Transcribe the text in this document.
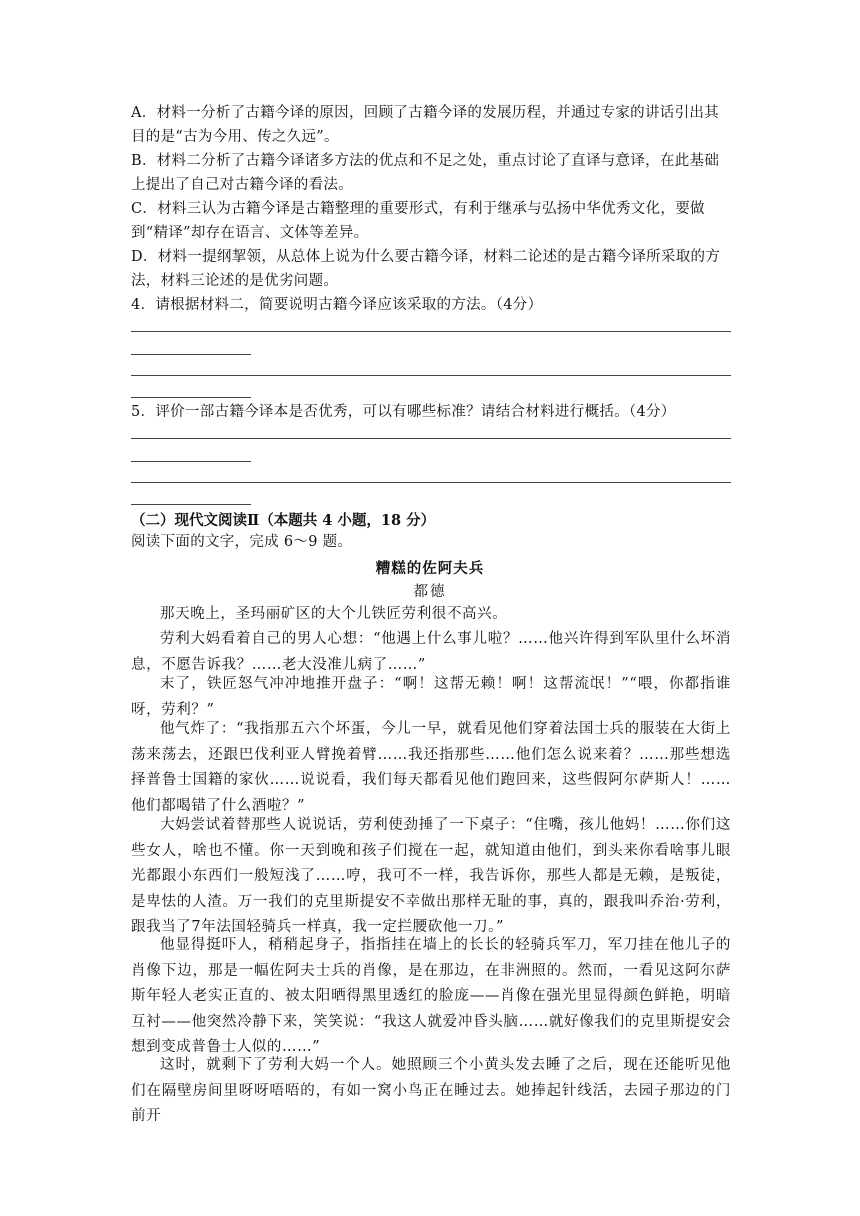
A．材料一分析了古籍今译的原因，回顾了古籍今译的发展历程，并通过专家的讲话引出其目的是“古为今用、传之久远”。

B．材料二分析了古籍今译诸多方法的优点和不足之处，重点讨论了直译与意译，在此基础上提出了自己对古籍今译的看法。

C．材料三认为古籍今译是古籍整理的重要形式，有利于继承与弘扬中华优秀文化，要做到“精译”却存在语言、文体等差异。

D．材料一提纲挈领，从总体上说为什么要古籍今译，材料二论述的是古籍今译所采取的方法，材料三论述的是优劣问题。

4．请根据材料二，简要说明古籍今译应该采取的方法。（4分）

5．评价一部古籍今译本是否优秀，可以有哪些标准？请结合材料进行概括。（4分）

（二）现代文阅读Ⅱ（本题共 4 小题，18 分）

阅读下面的文字，完成 6～9 题。

糟糕的佐阿夫兵
都德

那天晚上，圣玛丽矿区的大个儿铁匠劳利很不高兴。

劳利大妈看着自己的男人心想：“他遇上什么事儿啦？……他兴许得到军队里什么坏消息，不愿告诉我？……老大没准儿病了……”

末了，铁匠怒气冲冲地推开盘子：“啊！这帮无赖！啊！这帮流氓！”“喂，你都指谁呀，劳利？”

他气炸了：“我指那五六个坏蛋，今儿一早，就看见他们穿着法国士兵的服装在大街上荡来荡去，还跟巴伐利亚人臂挽着臂……我还指那些……他们怎么说来着？……那些想选择普鲁士国籍的家伙……说说看，我们每天都看见他们跑回来，这些假阿尔萨斯人！……他们都喝错了什么酒啦？”

大妈尝试着替那些人说说话，劳利使劲捶了一下桌子：“住嘴，孩儿他妈！……你们这些女人，啥也不懂。你一天到晚和孩子们搅在一起，就知道由他们，到头来你看啥事儿眼光都跟小东西们一般短浅了……哼，我可不一样，我告诉你，那些人都是无赖，是叛徒，是卑怯的人渣。万一我们的克里斯提安不幸做出那样无耻的事，真的，跟我叫乔治·劳利，跟我当了7年法国轻骑兵一样真，我一定拦腰砍他一刀。”

他显得挺吓人，稍稍起身子，指指挂在墙上的长长的轻骑兵军刀，军刀挂在他儿子的肖像下边，那是一幅佐阿夫士兵的肖像，是在那边，在非洲照的。然而，一看见这阿尔萨斯年轻人老实正直的、被太阳晒得黑里透红的脸庞——肖像在强光里显得颜色鲜艳，明暗互衬——他突然冷静下来，笑笑说：“我这人就爱冲昏头脑……就好像我们的克里斯提安会想到变成普鲁士人似的……”

这时，就剩下了劳利大妈一个人。她照顾三个小黄头发去睡了之后，现在还能听见他们在隔壁房间里呀呀唔唔的，有如一窝小鸟正在睡过去。她捧起针线活，去园子那边的门前开
